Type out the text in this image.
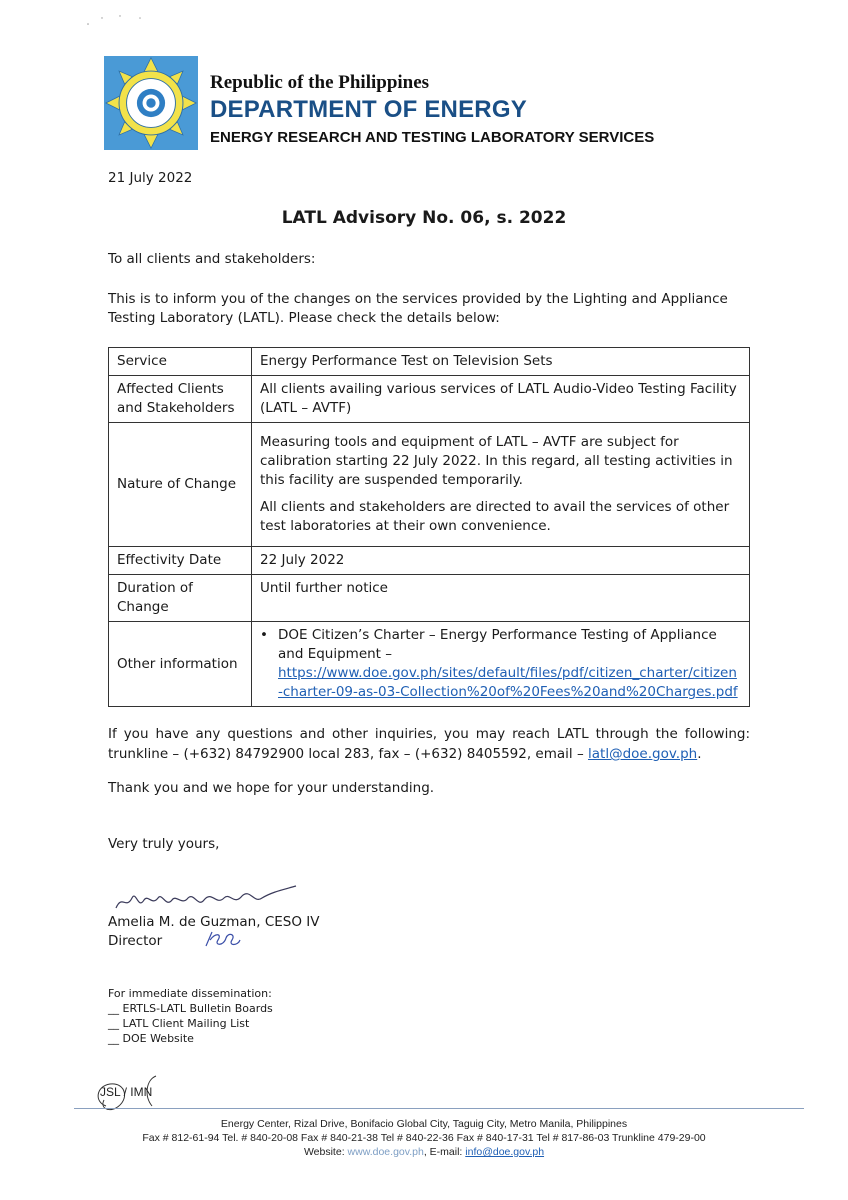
Republic of the Philippines
DEPARTMENT OF ENERGY
ENERGY RESEARCH AND TESTING LABORATORY SERVICES
21 July 2022
LATL Advisory No. 06, s. 2022
To all clients and stakeholders:
This is to inform you of the changes on the services provided by the Lighting and Appliance Testing Laboratory (LATL). Please check the details below:
Service	Energy Performance Test on Television Sets
Affected Clients and Stakeholders	All clients availing various services of LATL Audio-Video Testing Facility (LATL – AVTF)
Nature of Change	Measuring tools and equipment of LATL – AVTF are subject for calibration starting 22 July 2022. In this regard, all testing activities in this facility are suspended temporarily.
All clients and stakeholders are directed to avail the services of other test laboratories at their own convenience.

Effectivity Date	22 July 2022
Duration of Change	Until further notice
Other information	• DOE Citizen’s Charter – Energy Performance Testing of Appliance and Equipment –
https://www.doe.gov.ph/sites/default/files/pdf/citizen_charter/citizen-charter-09-as-03-Collection%20of%20Fees%20and%20Charges.pdf
If you have any questions and other inquiries, you may reach LATL through the following: trunkline – (+632) 84792900 local 283, fax – (+632) 8405592, email – latl@doe.gov.ph.
Thank you and we hope for your understanding.
Very truly yours,
Amelia M. de Guzman, CESO IV
Director
For immediate dissemination:
__ ERTLS-LATL Bulletin Boards
__ LATL Client Mailing List
__ DOE Website
JSL / IMN
Energy Center, Rizal Drive, Bonifacio Global City, Taguig City, Metro Manila, Philippines
Fax # 812-61-94 Tel. # 840-20-08 Fax # 840-21-38 Tel # 840-22-36 Fax # 840-17-31 Tel # 817-86-03 Trunkline 479-29-00
Website: www.doe.gov.ph, E-mail: info@doe.gov.ph
